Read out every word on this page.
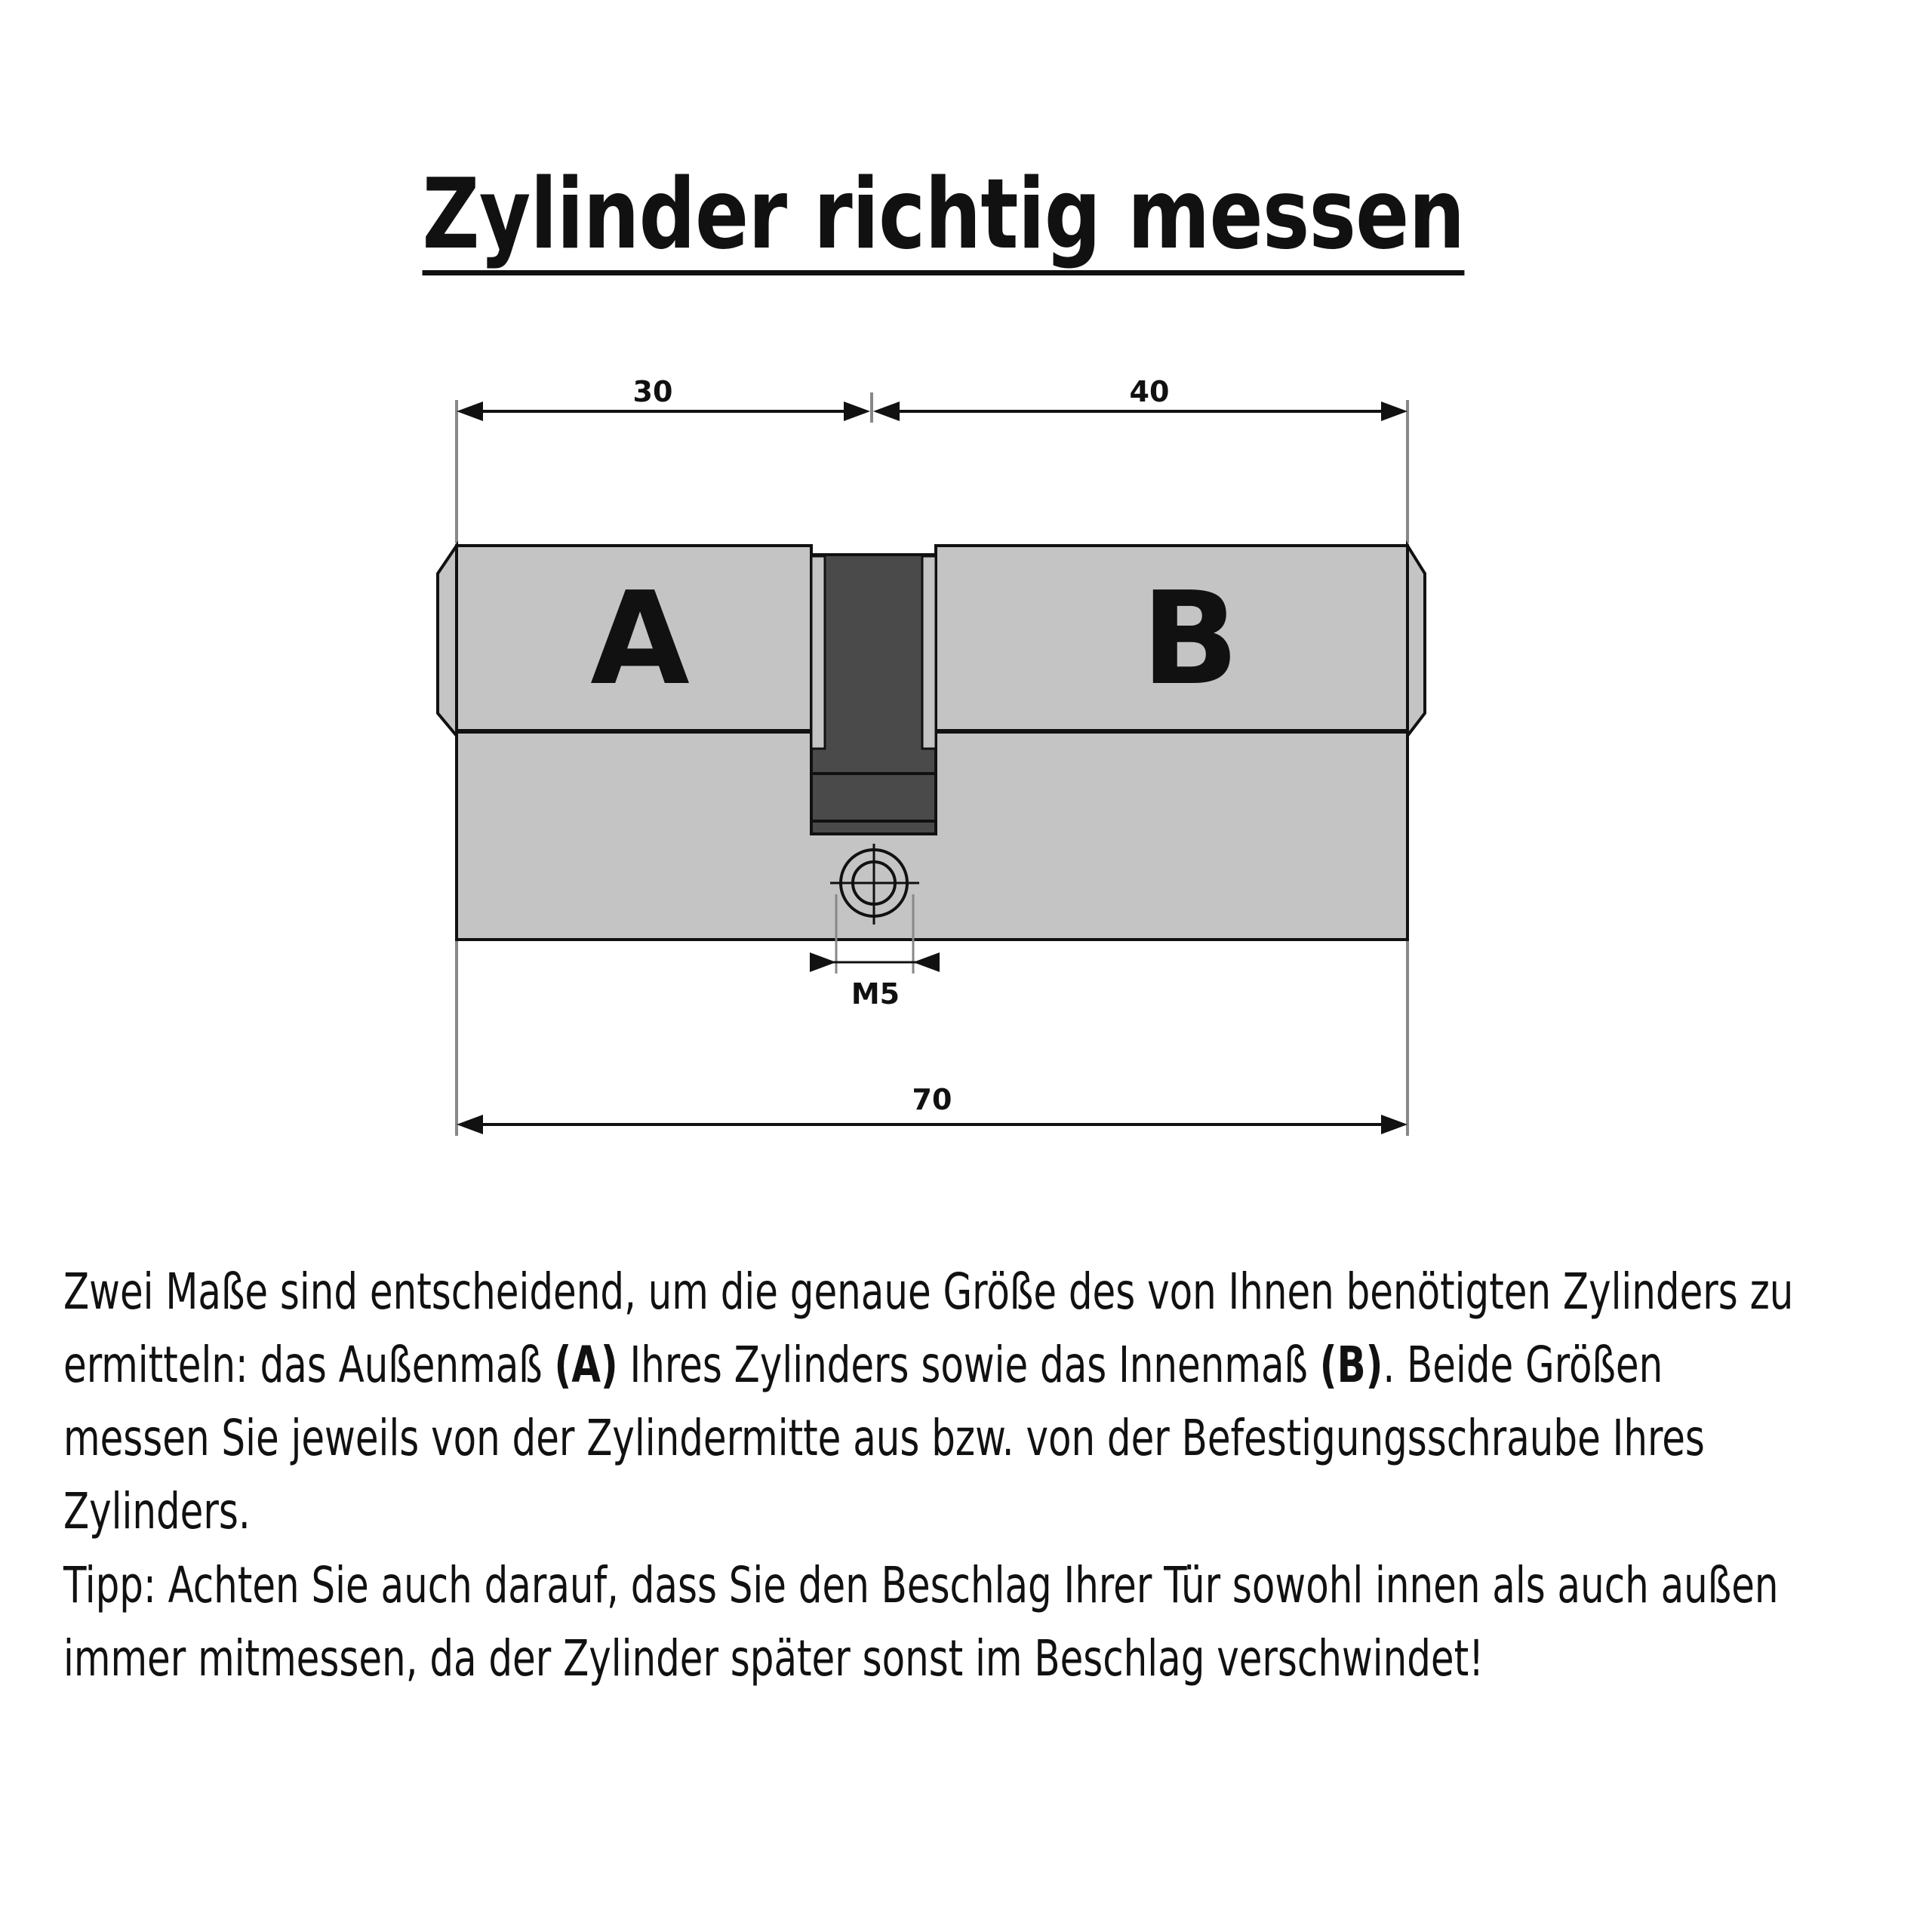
Zylinder richtig messen
30	40
A	B
M5
70

Zwei Maße sind entscheidend, um die genaue Größe des von Ihnen benötigten Zylinders zu ermitteln: das Außenmaß (A) Ihres Zylinders sowie das Innenmaß (B). Beide Größen messen Sie jeweils von der Zylindermitte aus bzw. von der Befestigungsschraube Ihres Zylinders.

Tipp: Achten Sie auch darauf, dass Sie den Beschlag Ihrer Tür sowohl innen als auch außen immer mitmessen, da der Zylinder später sonst im Beschlag verschwindet!
